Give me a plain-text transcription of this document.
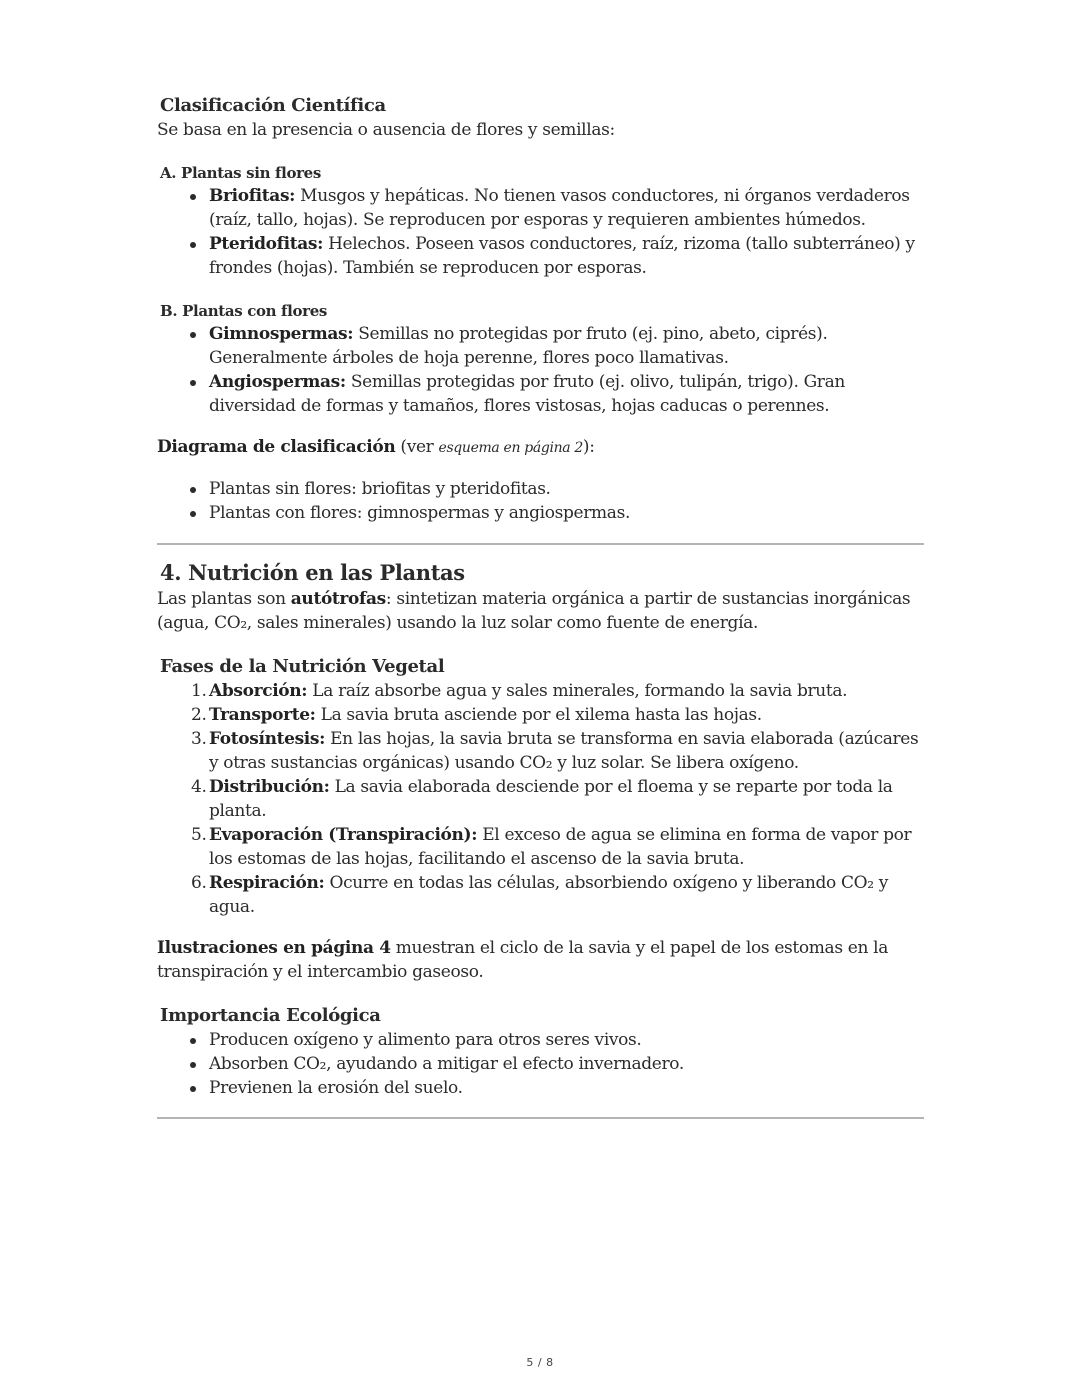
Clasificación Científica

Se basa en la presencia o ausencia de flores y semillas:

A. Plantas sin flores
Briofitas: Musgos y hepáticas. No tienen vasos conductores, ni órganos verdaderos (raíz, tallo, hojas). Se reproducen por esporas y requieren ambientes húmedos.
Pteridofitas: Helechos. Poseen vasos conductores, raíz, rizoma (tallo subterráneo) y frondes (hojas). También se reproducen por esporas.
B. Plantas con flores
Gimnospermas: Semillas no protegidas por fruto (ej. pino, abeto, ciprés). Generalmente árboles de hoja perenne, flores poco llamativas.
Angiospermas: Semillas protegidas por fruto (ej. olivo, tulipán, trigo). Gran diversidad de formas y tamaños, flores vistosas, hojas caducas o perennes.

Diagrama de clasificación (ver esquema en página 2):

Plantas sin flores: briofitas y pteridofitas.
Plantas con flores: gimnospermas y angiospermas.
4. Nutrición en las Plantas

Las plantas son autótrofas: sintetizan materia orgánica a partir de sustancias inorgánicas (agua, CO₂, sales minerales) usando la luz solar como fuente de energía.

Fases de la Nutrición Vegetal
1. Absorción: La raíz absorbe agua y sales minerales, formando la savia bruta.
2. Transporte: La savia bruta asciende por el xilema hasta las hojas.
3. Fotosíntesis: En las hojas, la savia bruta se transforma en savia elaborada (azúcares y otras sustancias orgánicas) usando CO₂ y luz solar. Se libera oxígeno.
4. Distribución: La savia elaborada desciende por el floema y se reparte por toda la planta.
5. Evaporación (Transpiración): El exceso de agua se elimina en forma de vapor por los estomas de las hojas, facilitando el ascenso de la savia bruta.
6. Respiración: Ocurre en todas las células, absorbiendo oxígeno y liberando CO₂ y agua.

Ilustraciones en página 4 muestran el ciclo de la savia y el papel de los estomas en la transpiración y el intercambio gaseoso.

Importancia Ecológica
Producen oxígeno y alimento para otros seres vivos.
Absorben CO₂, ayudando a mitigar el efecto invernadero.
Previenen la erosión del suelo.
5 / 8
